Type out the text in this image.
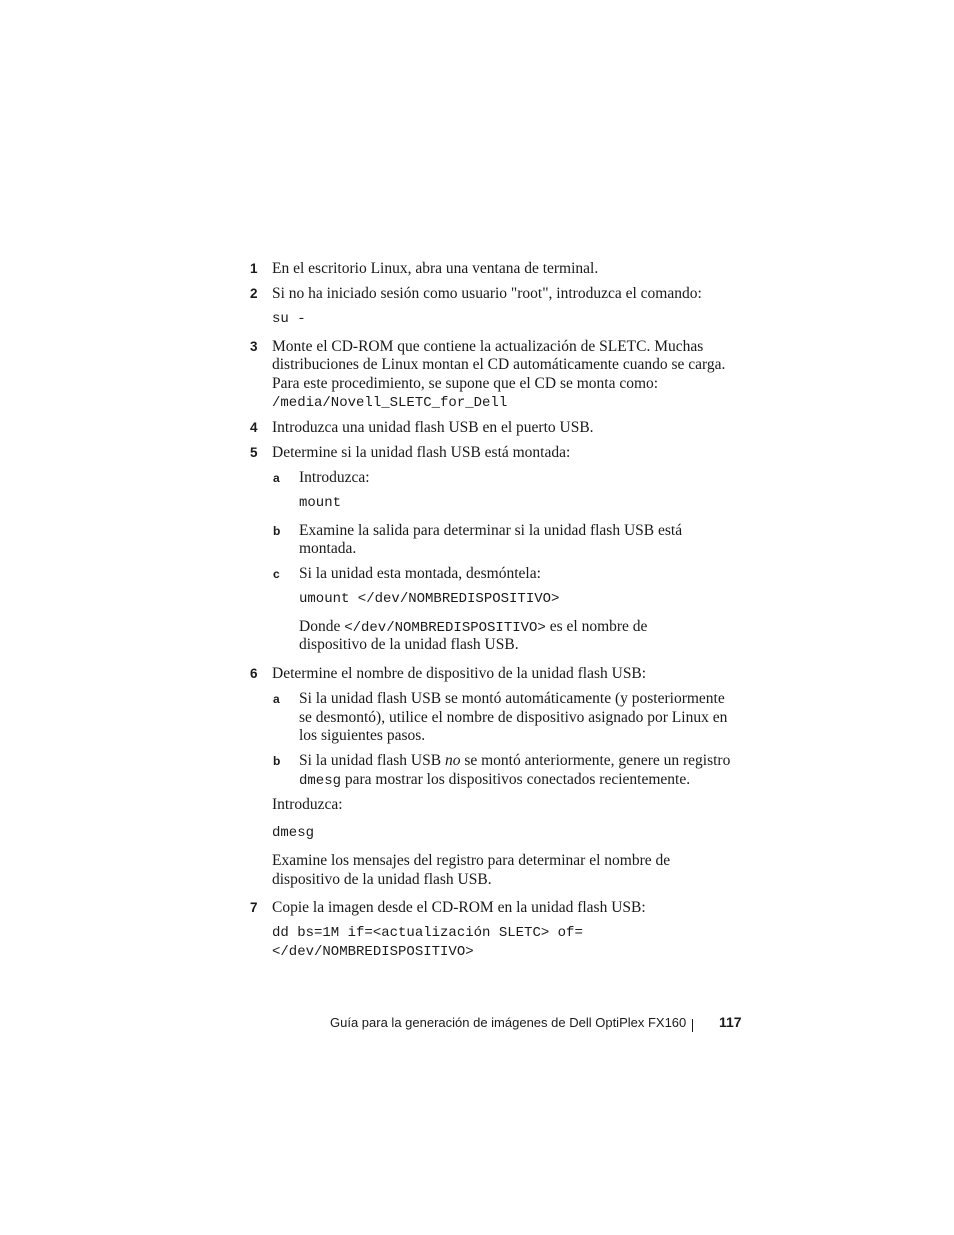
1 En el escritorio Linux, abra una ventana de terminal.
2 Si no ha iniciado sesión como usuario "root", introduzca el comando:
su -
3 Monte el CD-ROM que contiene la actualización de SLETC. Muchas
distribuciones de Linux montan el CD automáticamente cuando se carga.
Para este procedimiento, se supone que el CD se monta como:
/media/Novell_SLETC_for_Dell
4 Introduzca una unidad flash USB en el puerto USB.
5 Determine si la unidad flash USB está montada:
a Introduzca:
mount
b Examine la salida para determinar si la unidad flash USB está
montada.
c Si la unidad esta montada, desmóntela:
umount </dev/NOMBREDISPOSITIVO>
Donde </dev/NOMBREDISPOSITIVO> es el nombre de
dispositivo de la unidad flash USB.
6 Determine el nombre de dispositivo de la unidad flash USB:
a Si la unidad flash USB se montó automáticamente (y posteriormente
se desmontó), utilice el nombre de dispositivo asignado por Linux en
los siguientes pasos.
b Si la unidad flash USB no se montó anteriormente, genere un registro
dmesg para mostrar los dispositivos conectados recientemente.
Introduzca:
dmesg
Examine los mensajes del registro para determinar el nombre de
dispositivo de la unidad flash USB.
7 Copie la imagen desde el CD-ROM en la unidad flash USB:
dd bs=1M if=<actualización SLETC> of=
</dev/NOMBREDISPOSITIVO>
Guía para la generación de imágenes de Dell OptiPlex FX160 117
